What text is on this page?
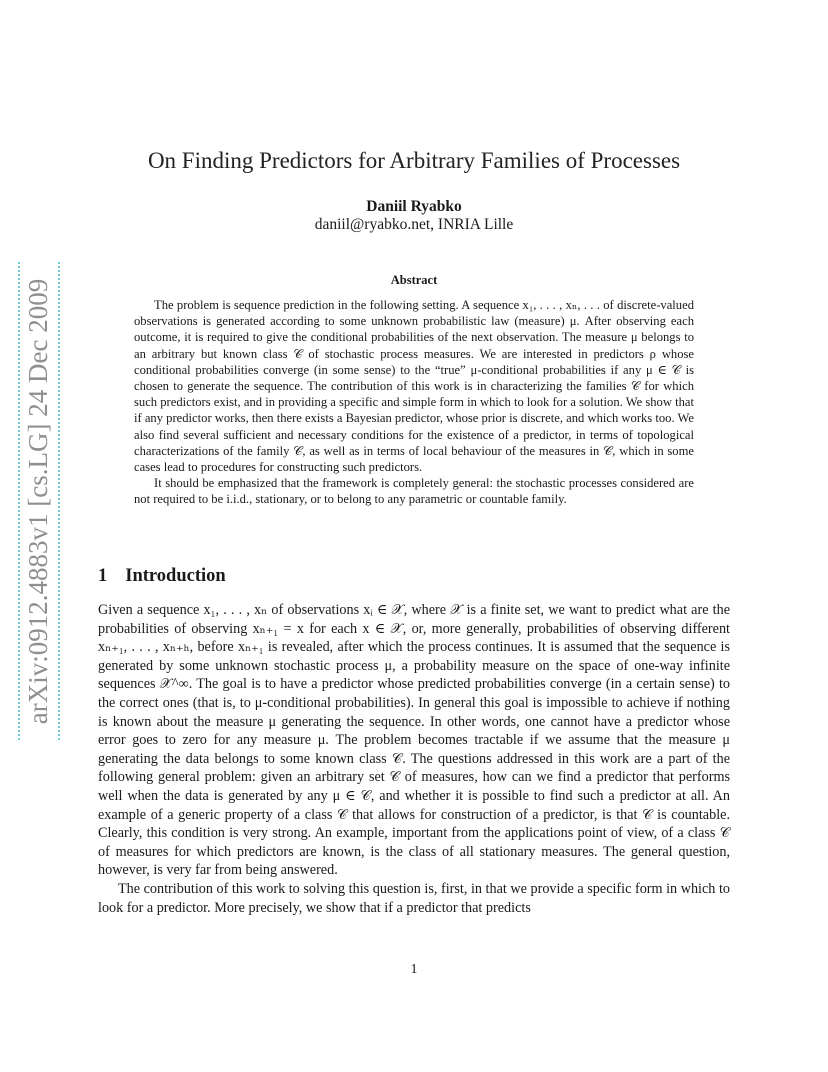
arXiv:0912.4883v1 [cs.LG] 24 Dec 2009
On Finding Predictors for Arbitrary Families of Processes
Daniil Ryabko
daniil@ryabko.net, INRIA Lille
Abstract

The problem is sequence prediction in the following setting. A sequence x₁, . . . , xₙ, . . . of discrete-valued observations is generated according to some unknown probabilistic law (measure) μ. After observing each outcome, it is required to give the conditional probabilities of the next observation. The measure μ belongs to an arbitrary but known class 𝒞 of stochastic process measures. We are interested in predictors ρ whose conditional probabilities converge (in some sense) to the “true” μ-conditional probabilities if any μ ∈ 𝒞 is chosen to generate the sequence. The contribution of this work is in characterizing the families 𝒞 for which such predictors exist, and in providing a specific and simple form in which to look for a solution. We show that if any predictor works, then there exists a Bayesian predictor, whose prior is discrete, and which works too. We also find several sufficient and necessary conditions for the existence of a predictor, in terms of topological characterizations of the family 𝒞, as well as in terms of local behaviour of the measures in 𝒞, which in some cases lead to procedures for constructing such predictors.

It should be emphasized that the framework is completely general: the stochastic processes considered are not required to be i.i.d., stationary, or to belong to any parametric or countable family.

1 Introduction

Given a sequence x₁, . . . , xₙ of observations xᵢ ∈ 𝒳, where 𝒳 is a finite set, we want to predict what are the probabilities of observing xₙ₊₁ = x for each x ∈ 𝒳, or, more generally, probabilities of observing different xₙ₊₁, . . . , xₙ₊ₕ, before xₙ₊₁ is revealed, after which the process continues. It is assumed that the sequence is generated by some unknown stochastic process μ, a probability measure on the space of one-way infinite sequences 𝒳^∞. The goal is to have a predictor whose predicted probabilities converge (in a certain sense) to the correct ones (that is, to μ-conditional probabilities). In general this goal is impossible to achieve if nothing is known about the measure μ generating the sequence. In other words, one cannot have a predictor whose error goes to zero for any measure μ. The problem becomes tractable if we assume that the measure μ generating the data belongs to some known class 𝒞. The questions addressed in this work are a part of the following general problem: given an arbitrary set 𝒞 of measures, how can we find a predictor that performs well when the data is generated by any μ ∈ 𝒞, and whether it is possible to find such a predictor at all. An example of a generic property of a class 𝒞 that allows for construction of a predictor, is that 𝒞 is countable. Clearly, this condition is very strong. An example, important from the applications point of view, of a class 𝒞 of measures for which predictors are known, is the class of all stationary measures. The general question, however, is very far from being answered.

The contribution of this work to solving this question is, first, in that we provide a specific form in which to look for a predictor. More precisely, we show that if a predictor that predicts

1
